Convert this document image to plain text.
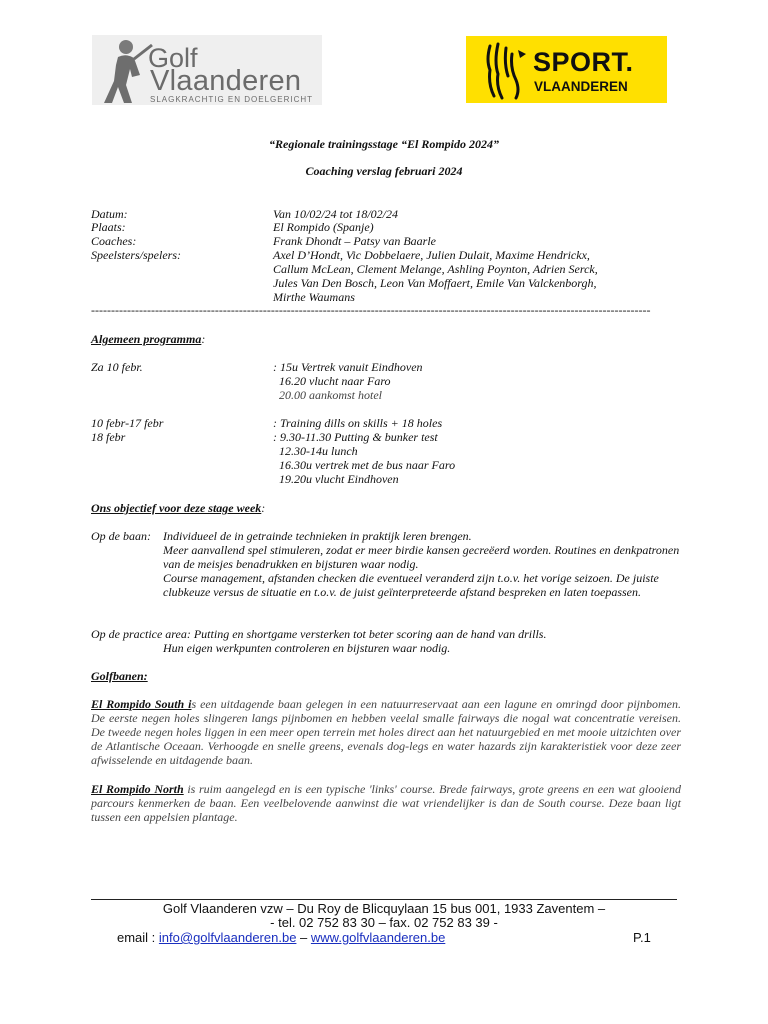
Golf
Vlaanderen
SLAGKRACHTIG EN DOELGERICHT
SPORT.
VLAANDEREN
“Regionale trainingsstage “El Rompido 2024”
Coaching verslag februari 2024
Datum:	Van 10/02/24 tot 18/02/24
Plaats:	El Rompido (Spanje)
Coaches:	Frank Dhondt – Patsy van Baarle
Speelsters/spelers:	Axel D’Hondt, Vic Dobbelaere, Julien Dulait, Maxime Hendrickx,
Callum McLean, Clement Melange, Ashling Poynton, Adrien Serck,
Jules Van Den Bosch, Leon Van Moffaert, Emile Van Valckenborgh,
Mirthe Waumans
--------------------------------------------------------------------------------------------------------------------------------------------
Algemeen programma:
Za 10 febr.	: 15u Vertrek vanuit Eindhoven
16.20 vlucht naar Faro
20.00 aankomst hotel
10 febr-17 febr	: Training dills on skills + 18 holes
18 febr	: 9.30-11.30 Putting & bunker test
12.30-14u lunch
16.30u vertrek met de bus naar Faro
19.20u vlucht Eindhoven
Ons objectief voor deze stage week:
Op de baan: Individueel de in getrainde technieken in praktijk leren brengen.
Meer aanvallend spel stimuleren, zodat er meer birdie kansen gecreëerd worden. Routines en denkpatronen van de meisjes benadrukken en bijsturen waar nodig.
Course management, afstanden checken die eventueel veranderd zijn t.o.v. het vorige seizoen. De juiste clubkeuze versus de situatie en t.o.v. de juist geïnterpreteerde afstand bespreken en laten toepassen.
Op de practice area: Putting en shortgame versterken tot beter scoring aan de hand van drills.
Hun eigen werkpunten controleren en bijsturen waar nodig.
Golfbanen:
El Rompido South is een uitdagende baan gelegen in een natuurreservaat aan een lagune en omringd door pijnbomen. De eerste negen holes slingeren langs pijnbomen en hebben veelal smalle fairways die nogal wat concentratie vereisen. De tweede negen holes liggen in een meer open terrein met holes direct aan het natuurgebied en met mooie uitzichten over de Atlantische Oceaan. Verhoogde en snelle greens, evenals dog-legs en water hazards zijn karakteristiek voor deze zeer afwisselende en uitdagende baan.
El Rompido North is ruim aangelegd en is een typische 'links' course. Brede fairways, grote greens en een wat glooiend parcours kenmerken de baan. Een veelbelovende aanwinst die wat vriendelijker is dan de South course. Deze baan ligt tussen een appelsien plantage.
Golf Vlaanderen vzw – Du Roy de Blicquylaan 15 bus 001, 1933 Zaventem –
- tel. 02 752 83 30 – fax. 02 752 83 39 -
email : info@golfvlaanderen.be – www.golfvlaanderen.be	P.1
